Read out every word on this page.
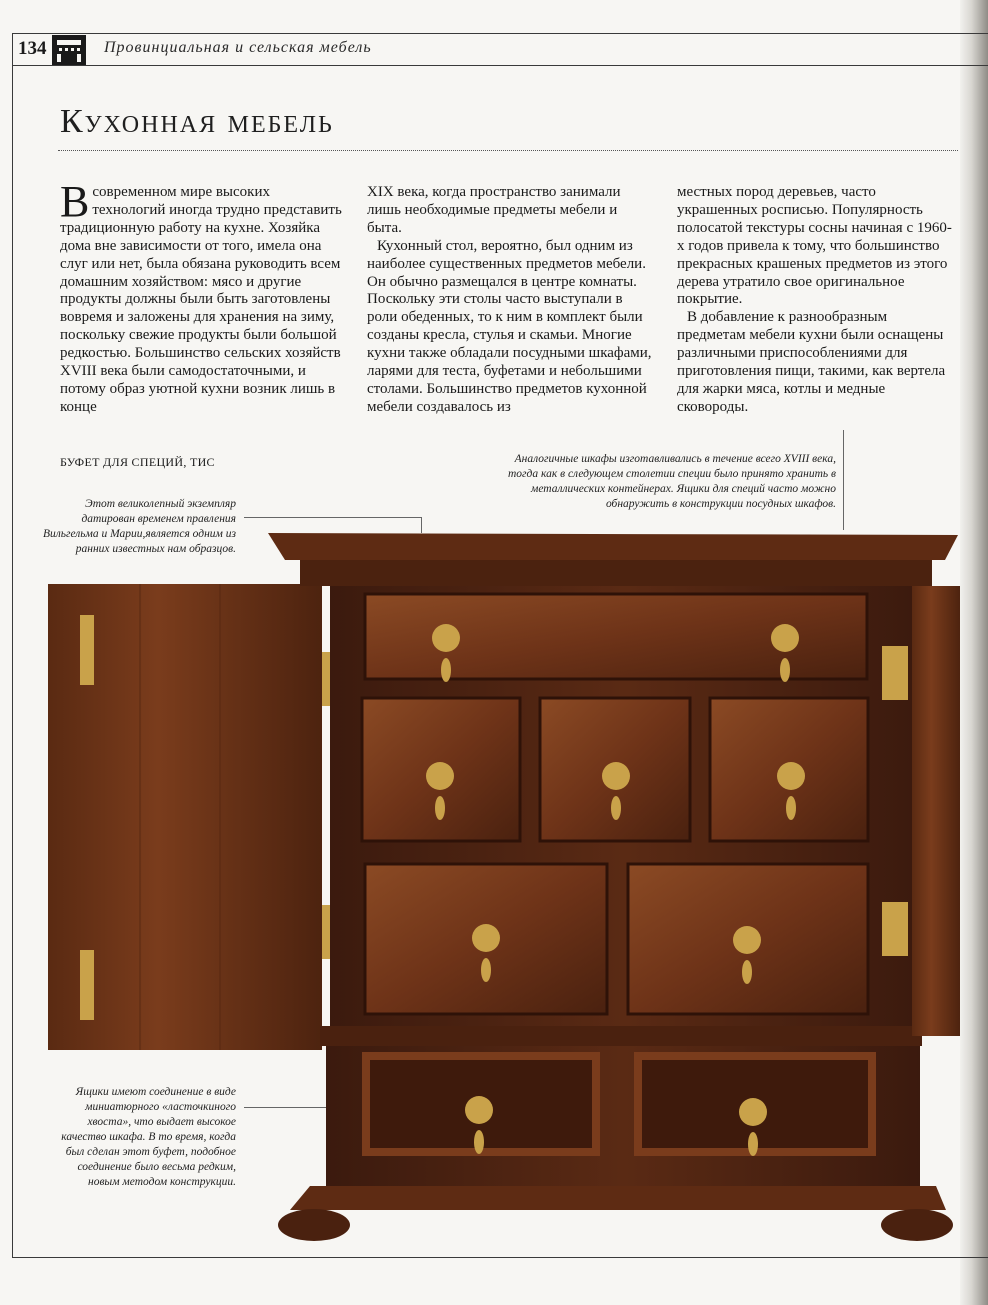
134	Провинциальная и сельская мебель
Кухонная мебель

В современном мире высоких технологий иногда трудно представить традиционную работу на кухне. Хозяйка дома вне зависимости от того, имела она слуг или нет, была обязана руководить всем домашним хозяйством: мясо и другие продукты должны были быть заготовлены вовремя и заложены для хранения на зиму, поскольку свежие продукты были большой редкостью. Большинство сельских хозяйств XVIII века были самодостаточными, и потому образ уютной кухни возник лишь в конце

XIX века, когда пространство занимали лишь необходимые предметы мебели и быта.

Кухонный стол, вероятно, был одним из наиболее существенных предметов мебели. Он обычно размещался в центре комнаты. Поскольку эти столы часто выступали в роли обеденных, то к ним в комплект были созданы кресла, стулья и скамьи. Многие кухни также обладали посудными шкафами, ларями для теста, буфетами и небольшими столами. Большинство предметов кухонной мебели создавалось из

местных пород деревьев, часто украшенных росписью. Популярность полосатой текстуры сосны начиная с 1960-х годов привела к тому, что большинство прекрасных крашеных предметов из этого дерева утратило свое оригинальное покрытие.

В добавление к разнообразным предметам мебели кухни были оснащены различными приспособлениями для приготовления пищи, такими, как вертела для жарки мяса, котлы и медные сковороды.

БУФЕТ ДЛЯ СПЕЦИЙ, ТИС
Этот великолепный экземпляр датирован временем правления Вильгельма и Марии,является одним из ранних известных нам образцов.
Аналогичные шкафы изготавливались в течение всего XVIII века, тогда как в следующем столетии специи было принято хранить в металлических контейнерах. Ящики для специй часто можно обнаружить в конструкции посудных шкафов.
Ящики имеют соединение в виде миниатюрного «ласточкиного хвоста», что выдает высокое качество шкафа. В то время, когда был сделан этот буфет, подобное соединение было весьма редким, новым методом конструкции.
